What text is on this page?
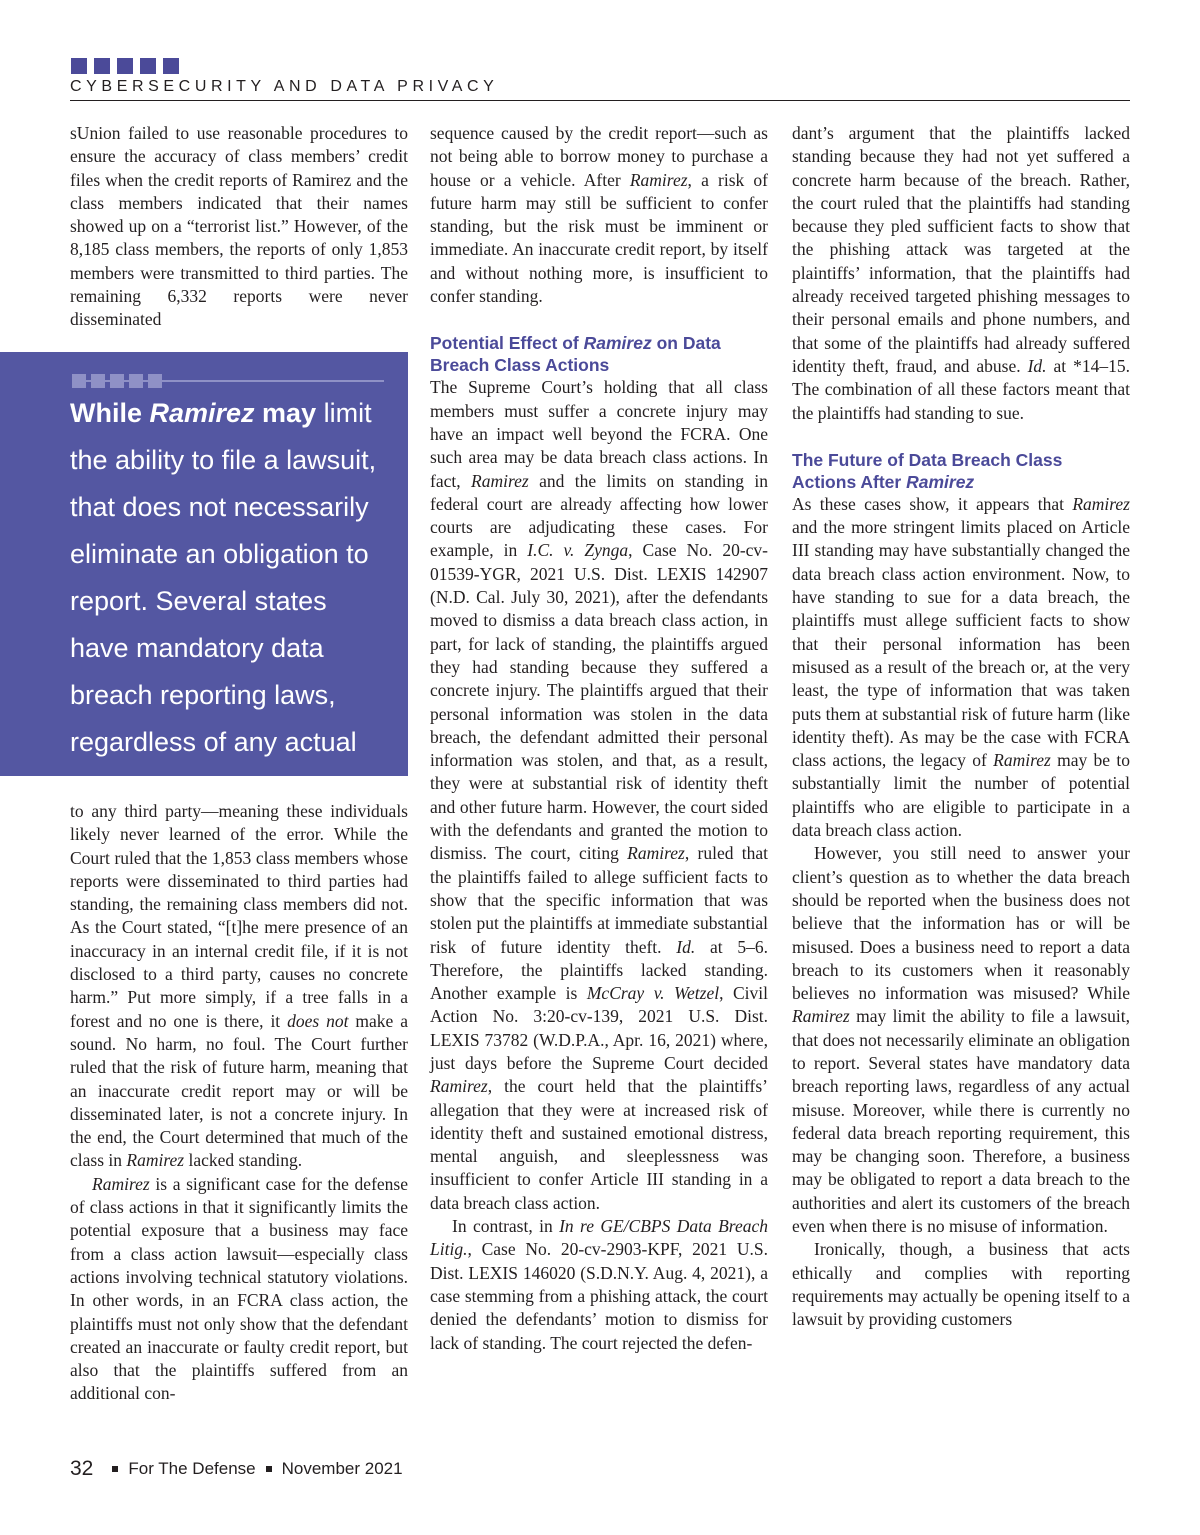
CYBERSECURITY AND DATA PRIVACY

sUnion failed to use reasonable procedures to ensure the accuracy of class members’ credit files when the credit reports of Ramirez and the class members indicated that their names showed up on a “terrorist list.” However, of the 8,185 class members, the reports of only 1,853 members were transmitted to third parties. The remaining 6,332 reports were never disseminated

While Ramirez may limit the ability to file a lawsuit, that does not necessarily eliminate an obligation to report. Several states have mandatory data breach reporting laws, regardless of any actual misuse.

to any third party—meaning these individuals likely never learned of the error. While the Court ruled that the 1,853 class members whose reports were disseminated to third parties had standing, the remaining class members did not. As the Court stated, “[t]he mere presence of an inaccuracy in an internal credit file, if it is not disclosed to a third party, causes no concrete harm.” Put more simply, if a tree falls in a forest and no one is there, it does not make a sound. No harm, no foul. The Court further ruled that the risk of future harm, meaning that an inaccurate credit report may or will be disseminated later, is not a concrete injury. In the end, the Court determined that much of the class in Ramirez lacked standing.

Ramirez is a significant case for the defense of class actions in that it significantly limits the potential exposure that a business may face from a class action lawsuit—especially class actions involving technical statutory violations. In other words, in an FCRA class action, the plaintiffs must not only show that the defendant created an inaccurate or faulty credit report, but also that the plaintiffs suffered from an additional con-

sequence caused by the credit report—such as not being able to borrow money to purchase a house or a vehicle. After Ramirez, a risk of future harm may still be sufficient to confer standing, but the risk must be imminent or immediate. An inaccurate credit report, by itself and without nothing more, is insufficient to confer standing.

Potential Effect of Ramirez on Data Breach Class Actions

The Supreme Court’s holding that all class members must suffer a concrete injury may have an impact well beyond the FCRA. One such area may be data breach class actions. In fact, Ramirez and the limits on standing in federal court are already affecting how lower courts are adjudicating these cases. For example, in I.C. v. Zynga, Case No. 20-cv-01539-YGR, 2021 U.S. Dist. LEXIS 142907 (N.D. Cal. July 30, 2021), after the defendants moved to dismiss a data breach class action, in part, for lack of standing, the plaintiffs argued they had standing because they suffered a concrete injury. The plaintiffs argued that their personal information was stolen in the data breach, the defendant admitted their personal information was stolen, and that, as a result, they were at substantial risk of identity theft and other future harm. However, the court sided with the defendants and granted the motion to dismiss. The court, citing Ramirez, ruled that the plaintiffs failed to allege sufficient facts to show that the specific information that was stolen put the plaintiffs at immediate substantial risk of future identity theft. Id. at 5–6. Therefore, the plaintiffs lacked standing. Another example is McCray v. Wetzel, Civil Action No. 3:20-cv-139, 2021 U.S. Dist. LEXIS 73782 (W.D.P.A., Apr. 16, 2021) where, just days before the Supreme Court decided Ramirez, the court held that the plaintiffs’ allegation that they were at increased risk of identity theft and sustained emotional distress, mental anguish, and sleeplessness was insufficient to confer Article III standing in a data breach class action.

In contrast, in In re GE/CBPS Data Breach Litig., Case No. 20-cv-2903-KPF, 2021 U.S. Dist. LEXIS 146020 (S.D.N.Y. Aug. 4, 2021), a case stemming from a phishing attack, the court denied the defendants’ motion to dismiss for lack of standing. The court rejected the defen-

dant’s argument that the plaintiffs lacked standing because they had not yet suffered a concrete harm because of the breach. Rather, the court ruled that the plaintiffs had standing because they pled sufficient facts to show that the phishing attack was targeted at the plaintiffs’ information, that the plaintiffs had already received targeted phishing messages to their personal emails and phone numbers, and that some of the plaintiffs had already suffered identity theft, fraud, and abuse. Id. at *14–15. The combination of all these factors meant that the plaintiffs had standing to sue.

The Future of Data Breach Class Actions After Ramirez

As these cases show, it appears that Ramirez and the more stringent limits placed on Article III standing may have substantially changed the data breach class action environment. Now, to have standing to sue for a data breach, the plaintiffs must allege sufficient facts to show that their personal information has been misused as a result of the breach or, at the very least, the type of information that was taken puts them at substantial risk of future harm (like identity theft). As may be the case with FCRA class actions, the legacy of Ramirez may be to substantially limit the number of potential plaintiffs who are eligible to participate in a data breach class action.

However, you still need to answer your client’s question as to whether the data breach should be reported when the business does not believe that the information has or will be misused. Does a business need to report a data breach to its customers when it reasonably believes no information was misused? While Ramirez may limit the ability to file a lawsuit, that does not necessarily eliminate an obligation to report. Several states have mandatory data breach reporting laws, regardless of any actual misuse. Moreover, while there is currently no federal data breach reporting requirement, this may be changing soon. Therefore, a business may be obligated to report a data breach to the authorities and alert its customers of the breach even when there is no misuse of information.

Ironically, though, a business that acts ethically and complies with reporting requirements may actually be opening itself to a lawsuit by providing customers

32 For The Defense November 2021
